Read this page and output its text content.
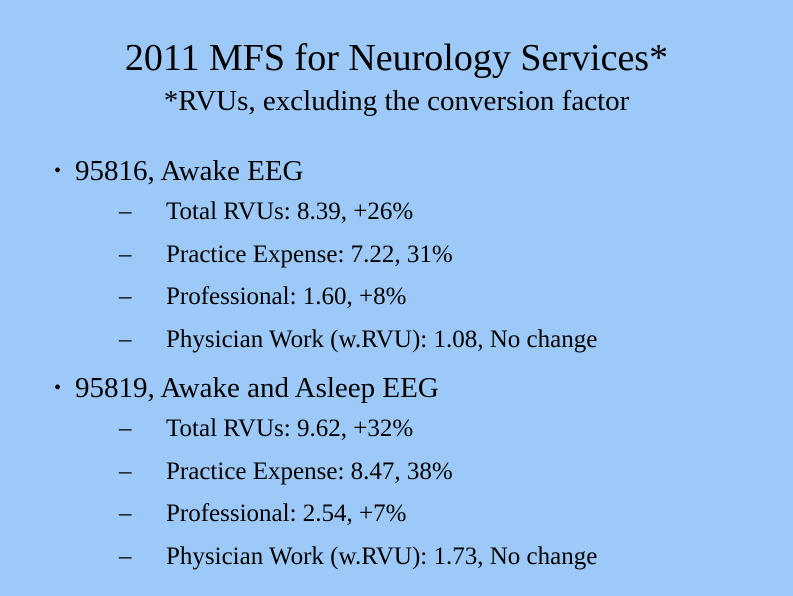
2011 MFS for Neurology Services*
*RVUs, excluding the conversion factor
• 95816, Awake EEG
– Total RVUs: 8.39, +26%
– Practice Expense: 7.22, 31%
– Professional: 1.60, +8%
– Physician Work (w.RVU): 1.08, No change
• 95819, Awake and Asleep EEG
– Total RVUs: 9.62, +32%
– Practice Expense: 8.47, 38%
– Professional: 2.54, +7%
– Physician Work (w.RVU): 1.73, No change
